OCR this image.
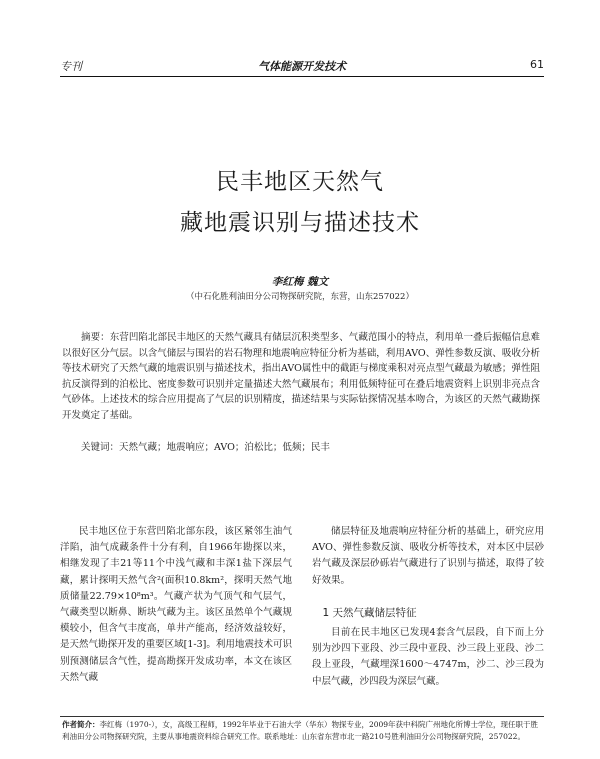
专刊	气体能源开发技术	61
民丰地区天然气
藏地震识别与描述技术
李红梅 魏文
（中石化胜利油田分公司物探研究院，东营，山东257022）

摘要：东营凹陷北部民丰地区的天然气藏具有储层沉积类型多、气藏范围小的特点，利用单一叠后振幅信息难以很好区分气层。以含气储层与围岩的岩石物理和地震响应特征分析为基础，利用AVO、弹性参数反演、吸收分析等技术研究了天然气藏的地震识别与描述技术，指出AVO属性中的截距与梯度乘积对亮点型气藏最为敏感；弹性阻抗反演得到的泊松比、密度参数可识别并定量描述大然气藏展布；利用低频特征可在叠后地震资料上识别非亮点含气砂体。上述技术的综合应用提高了气层的识别精度，描述结果与实际钻探情况基本吻合，为该区的天然气藏勘探开发奠定了基础。

关键词：天然气藏；地震响应；AVO；泊松比；低频；民丰

民丰地区位于东营凹陷北部东段，该区紧邻生油气洋陷，油气成藏条件十分有利，自1966年勘探以来，相继发现了丰21等11个中浅气藏和丰深1盐下深层气藏，累计探明天然气含²(面积10.8km²，探明天然气地质储量22.79×10⁸m³。气藏产状为气顶气和气层气，气藏类型以断鼻、断块气藏为主。该区虽然单个气藏规模较小，但含气丰度高，单井产能高，经济效益较好，是天然气勘探开发的重要区域[1-3]。利用地震技术可识别预测储层含气性，提高勘探开发成功率，本文在该区天然气藏

储层特征及地震响应特征分析的基础上，研究应用AVO、弹性参数反演、吸收分析等技术，对本区中层砂岩气藏及深层砂砾岩气藏进行了识别与描述，取得了较好效果。

1 天然气藏储层特征

目前在民丰地区已发现4套含气层段，自下而上分别为沙四下亚段、沙三段中亚段、沙三段上亚段、沙二段上亚段，气藏埋深1600～4747m，沙二、沙三段为中层气藏，沙四段为深层气藏。

作者简介：李红梅（1970-），女，高级工程师，1992年毕业于石油大学（华东）物探专业，2009年获中科院广州地化所博士学位，现任职于胜利油田分公司物探研究院，主要从事地震资料综合研究工作。联系地址：山东省东营市北一路210号胜利油田分公司物探研究院，257022。
